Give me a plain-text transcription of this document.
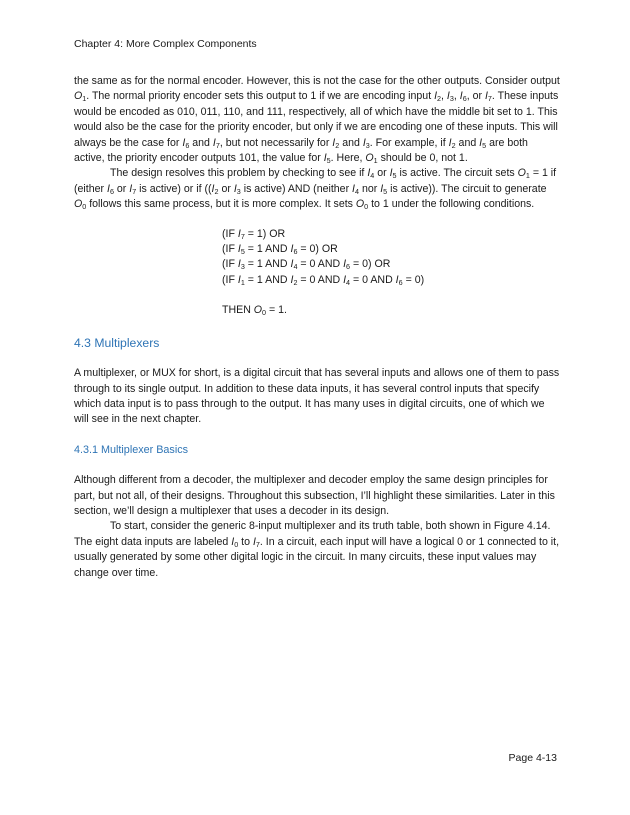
Chapter 4: More Complex Components

the same as for the normal encoder. However, this is not the case for the other outputs. Consider output $O_1$. The normal priority encoder sets this output to 1 if we are encoding input $I_2$, $I_3$, $I_6$, or $I_7$. These inputs would be encoded as 010, 011, 110, and 111, respectively, all of which have the middle bit set to 1. This would also be the case for the priority encoder, but only if we are encoding one of these inputs. This will always be the case for $I_6$ and $I_7$, but not necessarily for $I_2$ and $I_3$. For example, if $I_2$ and $I_5$ are both active, the priority encoder outputs 101, the value for $I_5$. Here, $O_1$ should be 0, not 1.

The design resolves this problem by checking to see if $I_4$ or $I_5$ is active. The circuit sets $O_1 = 1$ if (either $I_6$ or $I_7$ is active) or if (($I_2$ or $I_3$ is active) AND (neither $I_4$ nor $I_5$ is active)). The circuit to generate $O_0$ follows this same process, but it is more complex. It sets $O_0$ to 1 under the following conditions.

(IF $I_7 = 1$) OR
(IF $I_5 = 1$ AND $I_6 = 0$) OR
(IF $I_3 = 1$ AND $I_4 = 0$ AND $I_6 = 0$) OR
(IF $I_1 = 1$ AND $I_2 = 0$ AND $I_4 = 0$ AND $I_6 = 0$)
THEN $O_0 = 1$.
4.3 Multiplexers

A multiplexer, or MUX for short, is a digital circuit that has several inputs and allows one of them to pass through to its single output. In addition to these data inputs, it has several control inputs that specify which data input is to pass through to the output. It has many uses in digital circuits, one of which we will see in the next chapter.

4.3.1 Multiplexer Basics

Although different from a decoder, the multiplexer and decoder employ the same design principles for part, but not all, of their designs. Throughout this subsection, I’ll highlight these similarities. Later in this section, we’ll design a multiplexer that uses a decoder in its design.

To start, consider the generic 8-input multiplexer and its truth table, both shown in Figure 4.14. The eight data inputs are labeled $I_0$ to $I_7$. In a circuit, each input will have a logical 0 or 1 connected to it, usually generated by some other digital logic in the circuit. In many circuits, these input values may change over time.

Page 4-13
